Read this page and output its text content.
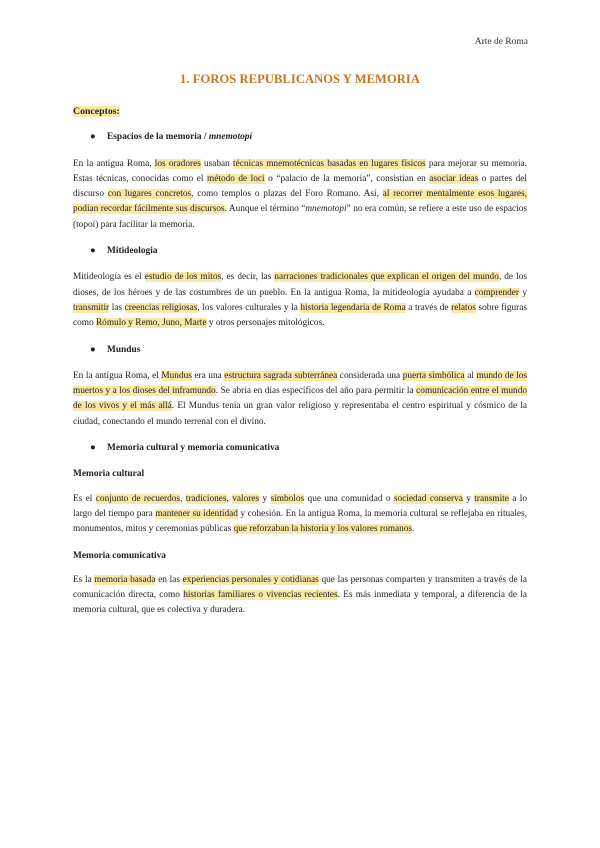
Arte de Roma
1. FOROS REPUBLICANOS Y MEMORIA
Conceptos:
● Espacios de la memoria / mnemotopí

En la antigua Roma, los oradores usaban técnicas mnemotécnicas basadas en lugares físicos para mejorar su memoria. Estas técnicas, conocidas como el método de loci o “palacio de la memoria”, consistían en asociar ideas o partes del discurso con lugares concretos, como templos o plazas del Foro Romano. Así, al recorrer mentalmente esos lugares, podían recordar fácilmente sus discursos. Aunque el término “mnemotopi” no era común, se refiere a este uso de espacios (topoi) para facilitar la memoria.

● Mitideologia

Mitideología es el estudio de los mitos, es decir, las narraciones tradicionales que explican el origen del mundo, de los dioses, de los héroes y de las costumbres de un pueblo. En la antigua Roma, la mitideología ayudaba a comprender y transmitir las creencias religiosas, los valores culturales y la historia legendaria de Roma a través de relatos sobre figuras como Rómulo y Remo, Juno, Marte y otros personajes mitológicos.

● Mundus

En la antigua Roma, el Mundus era una estructura sagrada subterránea considerada una puerta simbólica al mundo de los muertos y a los dioses del inframundo. Se abría en días específicos del año para permitir la comunicación entre el mundo de los vivos y el más allá. El Mundus tenía un gran valor religioso y representaba el centro espiritual y cósmico de la ciudad, conectando el mundo terrenal con el divino.

● Memoria cultural y memoria comunicativa
Memoria cultural

Es el conjunto de recuerdos, tradiciones, valores y símbolos que una comunidad o sociedad conserva y transmite a lo largo del tiempo para mantener su identidad y cohesión. En la antigua Roma, la memoria cultural se reflejaba en rituales, monumentos, mitos y ceremonias públicas que reforzaban la historia y los valores romanos.

Memoria comunicativa

Es la memoria basada en las experiencias personales y cotidianas que las personas comparten y transmiten a través de la comunicación directa, como historias familiares o vivencias recientes. Es más inmediata y temporal, a diferencia de la memoria cultural, que es colectiva y duradera.
